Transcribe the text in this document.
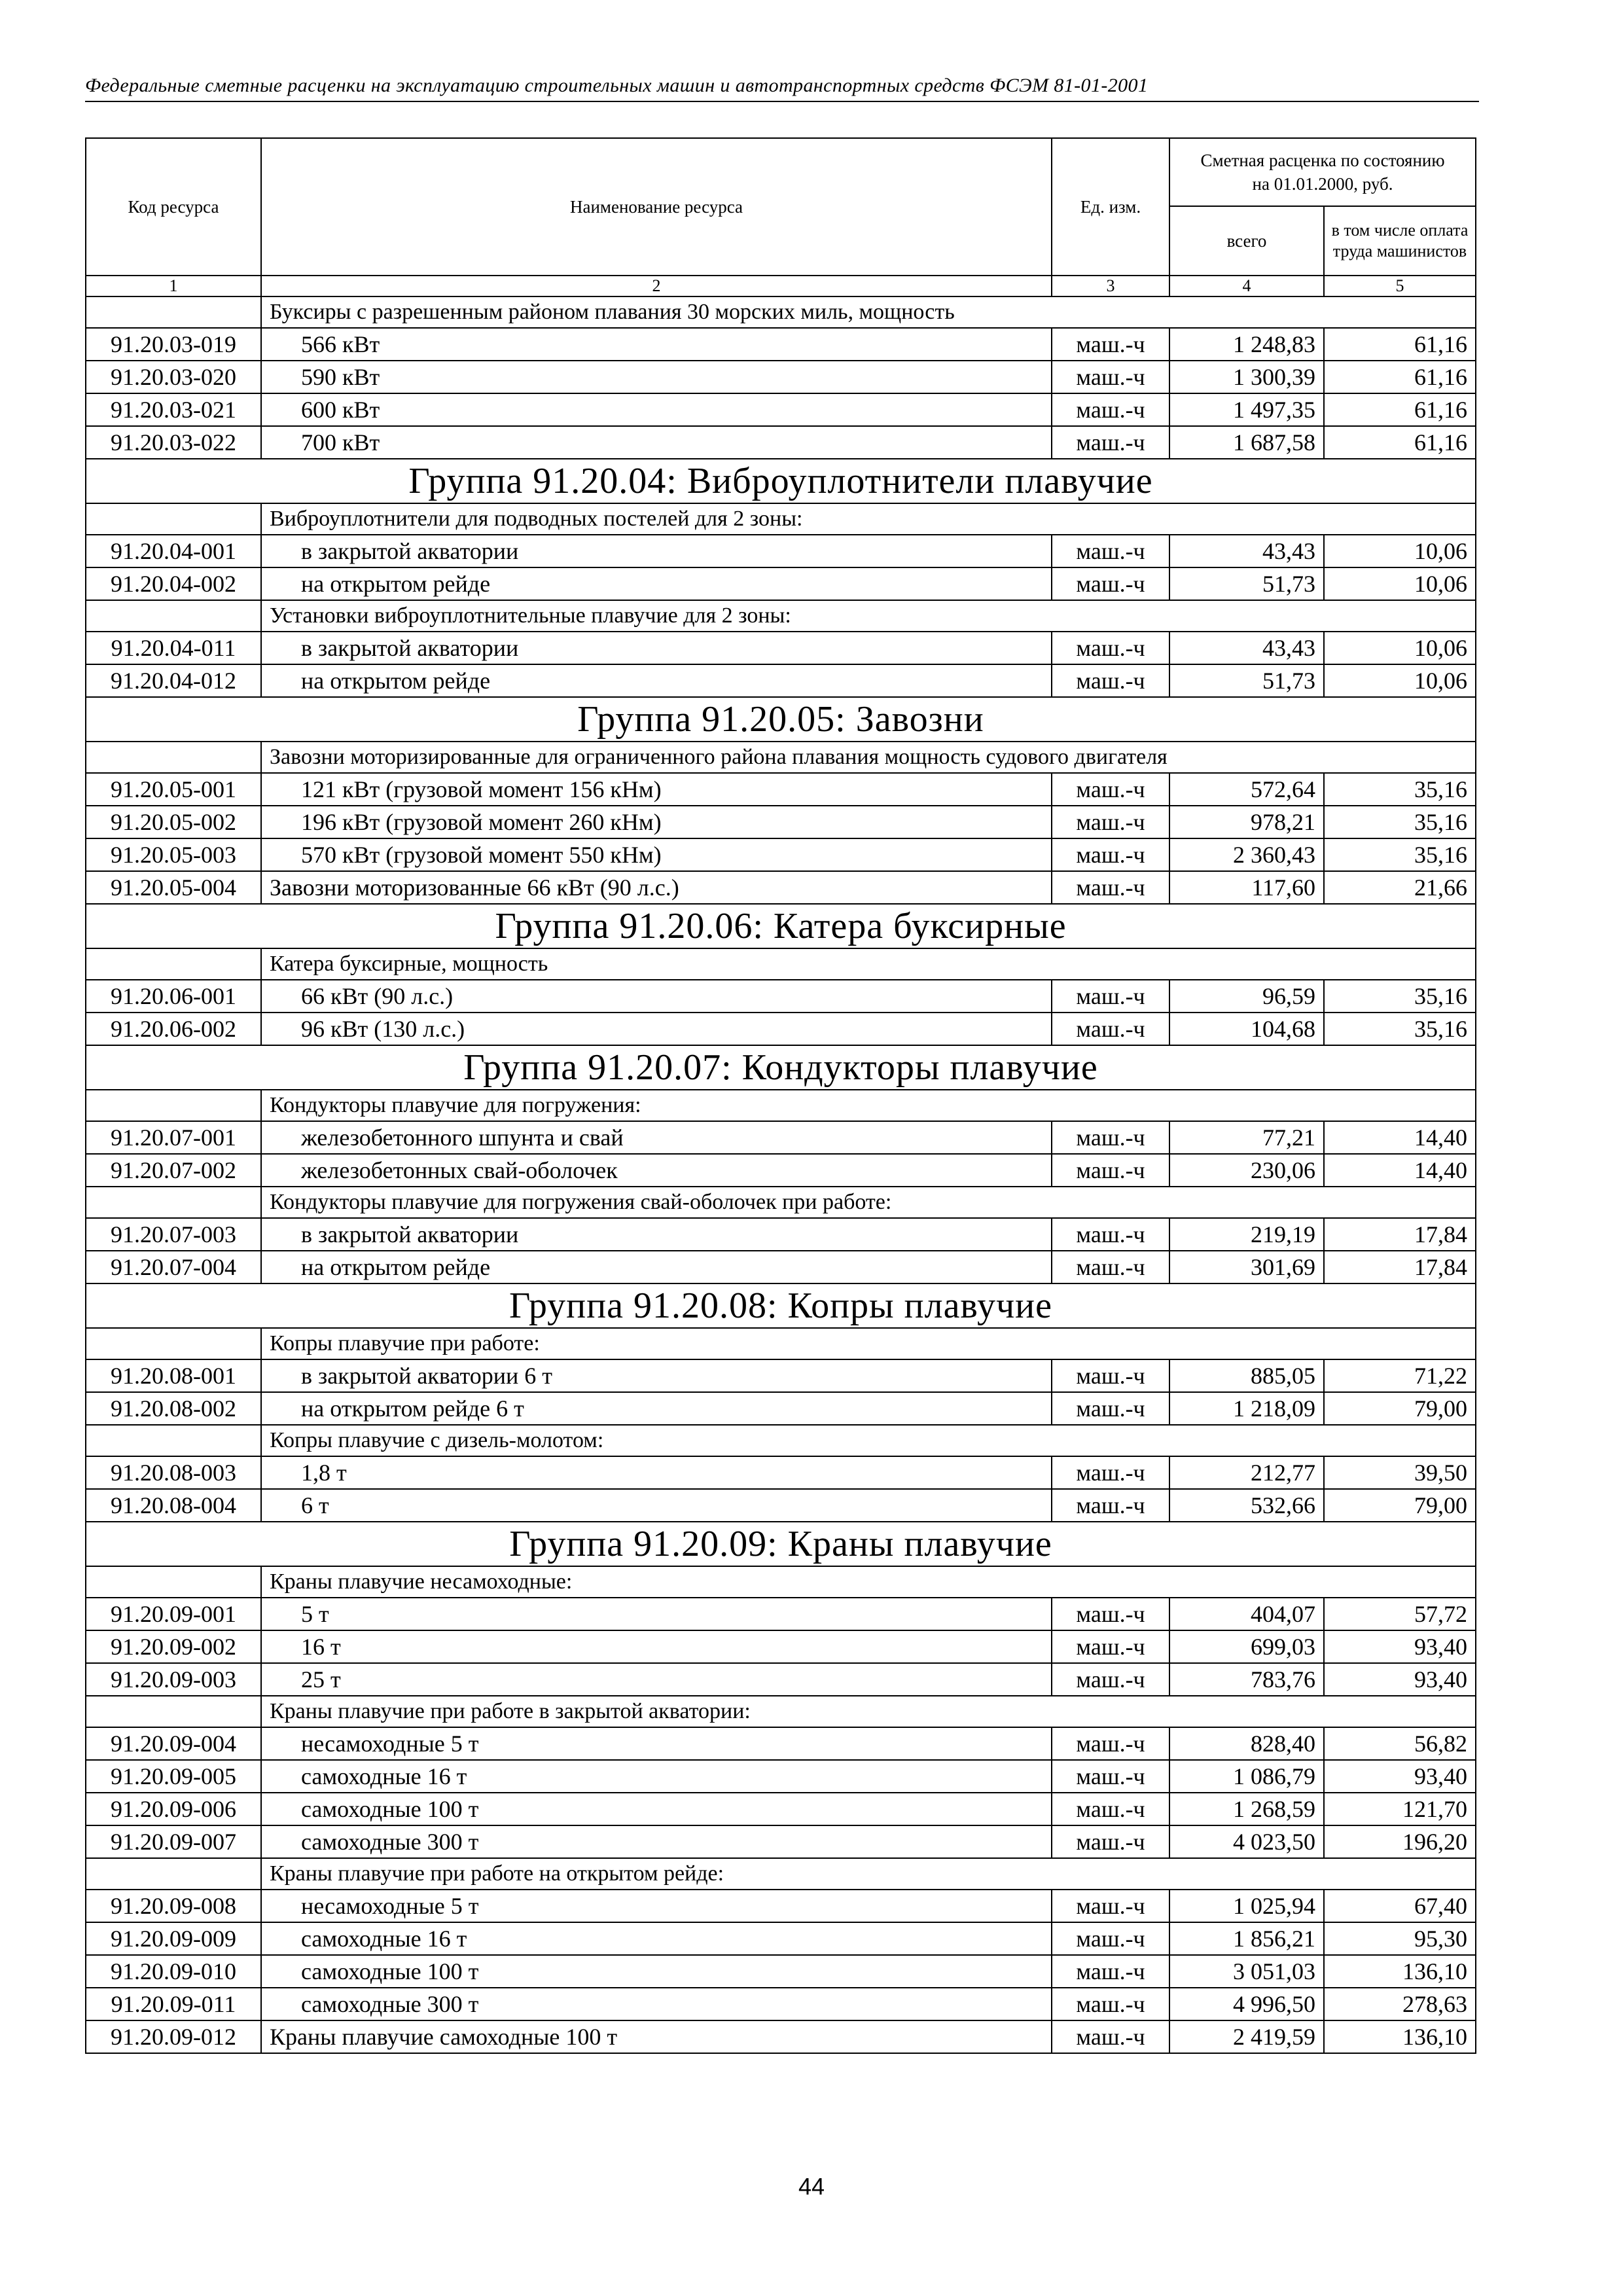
Федеральные сметные расценки на эксплуатацию строительных машин и автотранспортных средств ФСЭМ 81-01-2001
Код ресурса	Наименование ресурса	Ед. изм.	Сметная расценка по состоянию на 01.01.2000, руб.	
			всего	в том числе оплата труда машинистов
1	2	3	4	5
	Буксиры с разрешенным районом плавания 30 морских миль, мощность			
91.20.03-019	566 кВт	маш.-ч	1 248,83	61,16
91.20.03-020	590 кВт	маш.-ч	1 300,39	61,16
91.20.03-021	600 кВт	маш.-ч	1 497,35	61,16
91.20.03-022	700 кВт	маш.-ч	1 687,58	61,16
Группа 91.20.04: Виброуплотнители плавучие				
	Виброуплотнители для подводных постелей для 2 зоны:			
91.20.04-001	в закрытой акватории	маш.-ч	43,43	10,06
91.20.04-002	на открытом рейде	маш.-ч	51,73	10,06
	Установки виброуплотнительные плавучие для 2 зоны:			
91.20.04-011	в закрытой акватории	маш.-ч	43,43	10,06
91.20.04-012	на открытом рейде	маш.-ч	51,73	10,06
Группа 91.20.05: Завозни				
	Завозни моторизированные для ограниченного района плавания мощность судового двигателя			
91.20.05-001	121 кВт (грузовой момент 156 кНм)	маш.-ч	572,64	35,16
91.20.05-002	196 кВт (грузовой момент 260 кНм)	маш.-ч	978,21	35,16
91.20.05-003	570 кВт (грузовой момент 550 кНм)	маш.-ч	2 360,43	35,16
91.20.05-004	Завозни моторизованные 66 кВт (90 л.с.)	маш.-ч	117,60	21,66
Группа 91.20.06: Катера буксирные				
	Катера буксирные, мощность			
91.20.06-001	66 кВт (90 л.с.)	маш.-ч	96,59	35,16
91.20.06-002	96 кВт (130 л.с.)	маш.-ч	104,68	35,16
Группа 91.20.07: Кондукторы плавучие				
	Кондукторы плавучие для погружения:			
91.20.07-001	железобетонного шпунта и свай	маш.-ч	77,21	14,40
91.20.07-002	железобетонных свай-оболочек	маш.-ч	230,06	14,40
	Кондукторы плавучие для погружения свай-оболочек при работе:			
91.20.07-003	в закрытой акватории	маш.-ч	219,19	17,84
91.20.07-004	на открытом рейде	маш.-ч	301,69	17,84
Группа 91.20.08: Копры плавучие				
	Копры плавучие при работе:			
91.20.08-001	в закрытой акватории 6 т	маш.-ч	885,05	71,22
91.20.08-002	на открытом рейде 6 т	маш.-ч	1 218,09	79,00
	Копры плавучие с дизель-молотом:			
91.20.08-003	1,8 т	маш.-ч	212,77	39,50
91.20.08-004	6 т	маш.-ч	532,66	79,00
Группа 91.20.09: Краны плавучие				
	Краны плавучие несамоходные:			
91.20.09-001	5 т	маш.-ч	404,07	57,72
91.20.09-002	16 т	маш.-ч	699,03	93,40
91.20.09-003	25 т	маш.-ч	783,76	93,40
	Краны плавучие при работе в закрытой акватории:			
91.20.09-004	несамоходные 5 т	маш.-ч	828,40	56,82
91.20.09-005	самоходные 16 т	маш.-ч	1 086,79	93,40
91.20.09-006	самоходные 100 т	маш.-ч	1 268,59	121,70
91.20.09-007	самоходные 300 т	маш.-ч	4 023,50	196,20
	Краны плавучие при работе на открытом рейде:			
91.20.09-008	несамоходные 5 т	маш.-ч	1 025,94	67,40
91.20.09-009	самоходные 16 т	маш.-ч	1 856,21	95,30
91.20.09-010	самоходные 100 т	маш.-ч	3 051,03	136,10
91.20.09-011	самоходные 300 т	маш.-ч	4 996,50	278,63
91.20.09-012	Краны плавучие самоходные 100 т	маш.-ч	2 419,59	136,10
44
